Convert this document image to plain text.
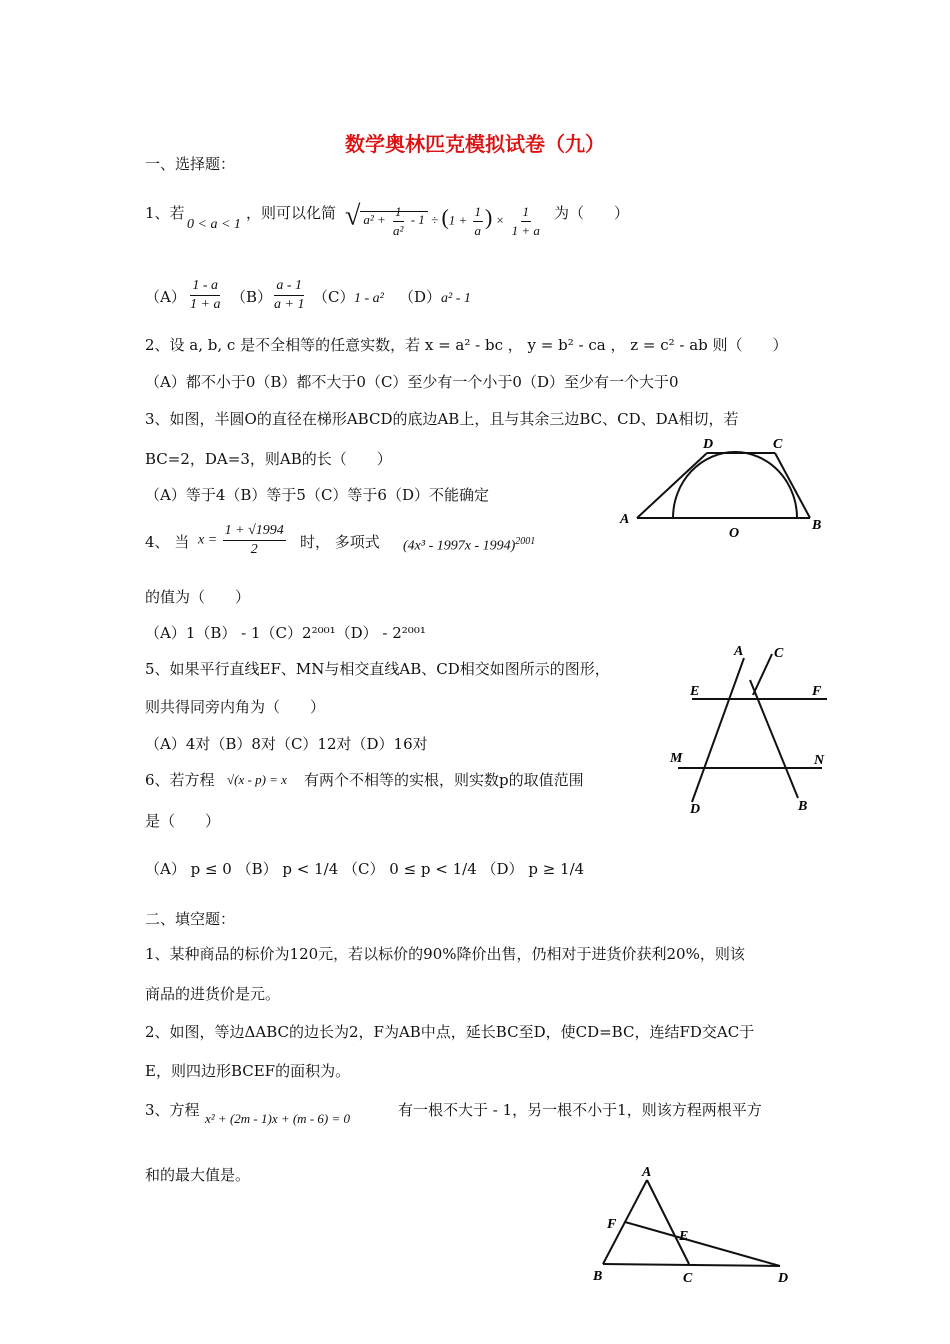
数学奥林匹克模拟试卷（九）
一、选择题：
1、若
0 < a < 1
，则可以化简 √ $a^2 + \frac{1}{\text{a²}} - 1 \div (1 + \frac{1}{a}$ ) × $\frac{1}{1 + a}$ 为（　　）
$(A) \frac{1 - a}{1 + a} (B) \frac{a - 1}{a + 1} (C)$ 1 - a² （D） a² - 1
2、设 a, b, c 是不全相等的任意实数，若 x = a² - bc ， y = b² - ca ， z = c² - ab 则（　　）
（A）都不小于0（B）都不大于0（C）至少有一个小于0（D）至少有一个大于0
3、如图，半圆O的直径在梯形ABCD的底边AB上，且与其余三边BC、CD、DA相切，若
BC=2，DA=3，则AB的长（　　）
（A）等于4（B）等于5（C）等于6（D）不能确定
A	B
C
D
O
4、 当 $x = \frac{1 + √1994}{2}$ 时， 多项式 (4x³ - 1997x - 1994)$^{2001}$
的值为（　　）
（A）1（B） - 1（C）2²⁰⁰¹（D） - 2²⁰⁰¹
5、如果平行直线EF、MN与相交直线AB、CD相交如图所示的图形，
则共得同旁内角为（　　）
（A）4对（B）8对（C）12对（D）16对
A C
E	F
M	N
D	B
6、若方程 √(x - p) = x 有两个不相等的实根，则实数p的取值范围
是（　　）
（A） p ≤ 0 （B） p < 1/4 （C） 0 ≤ p < 1/4 （D） p ≥ 1/4
二、填空题：
1、某种商品的标价为120元，若以标价的90%降价出售，仍相对于进货价获利20%，则该
商品的进货价是元。
2、如图，等边ΔABC的边长为2，F为AB中点，延长BC至D，使CD=BC，连结FD交AC于
E，则四边形BCEF的面积为。
3、方程 x² + (2m - 1)x + (m - 6) = 0	有一根不大于 - 1，另一根不小于1，则该方程两根平方
和的最大值是。	A
F
E
B	C	D
